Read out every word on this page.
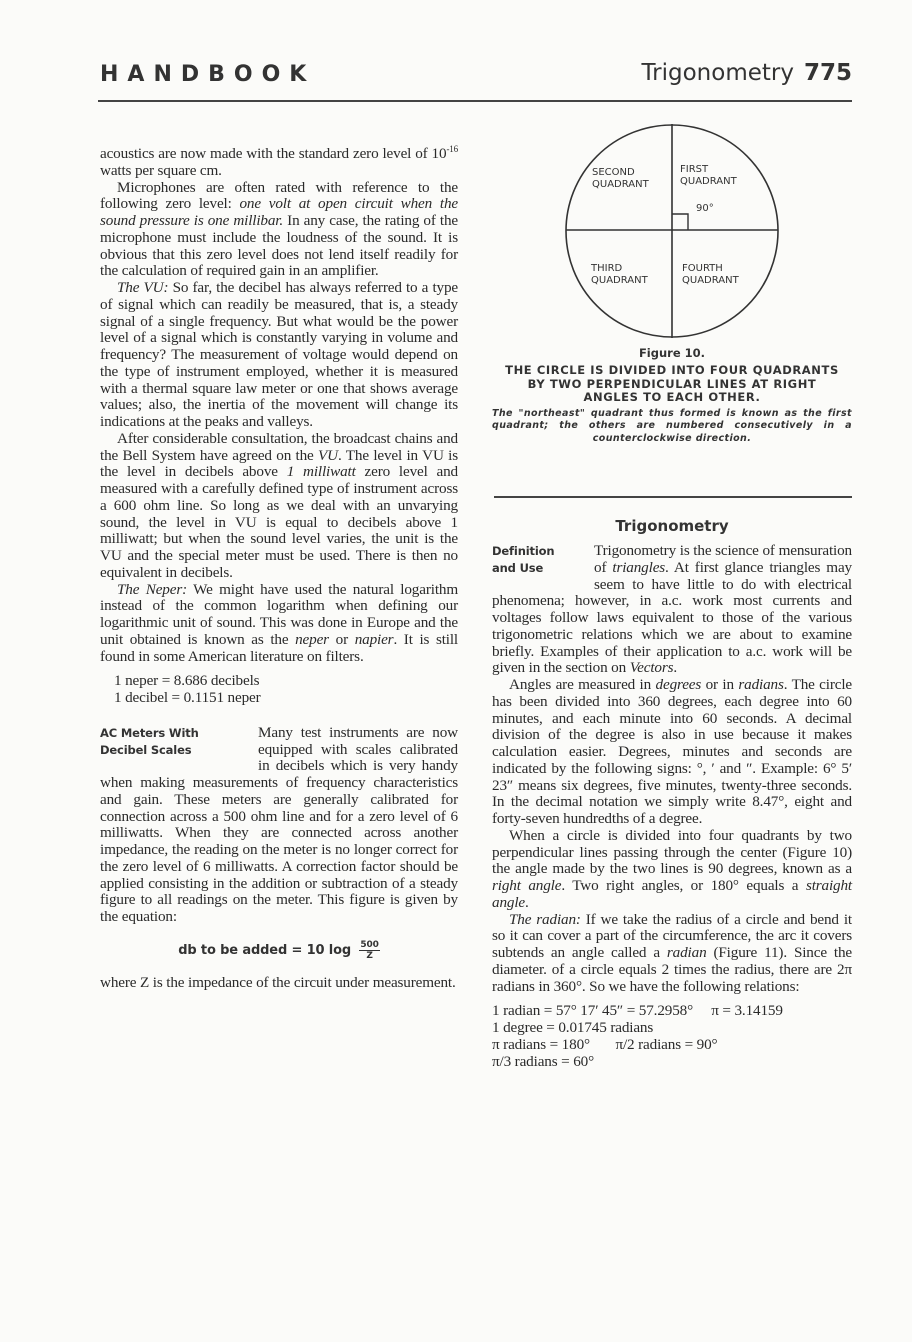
HANDBOOK	Trigonometry 775

acoustics are now made with the standard zero level of $10^{-16}$ watts per square cm.

Microphones are often rated with reference to the following zero level: one volt at open circuit when the sound pressure is one millibar. In any case, the rating of the microphone must include the loudness of the sound. It is obvious that this zero level does not lend itself readily for the calculation of required gain in an amplifier.

The VU: So far, the decibel has always referred to a type of signal which can readily be measured, that is, a steady signal of a single frequency. But what would be the power level of a signal which is constantly varying in volume and frequency? The measurement of voltage would depend on the type of instrument employed, whether it is measured with a thermal square law meter or one that shows average values; also, the inertia of the movement will change its indications at the peaks and valleys.

After considerable consultation, the broadcast chains and the Bell System have agreed on the VU. The level in VU is the level in decibels above 1 milliwatt zero level and measured with a carefully defined type of instrument across a 600 ohm line. So long as we deal with an unvarying sound, the level in VU is equal to decibels above 1 milliwatt; but when the sound level varies, the unit is the VU and the special meter must be used. There is then no equivalent in decibels.

The Neper: We might have used the natural logarithm instead of the common logarithm when defining our logarithmic unit of sound. This was done in Europe and the unit obtained is known as the neper or napier. It is still found in some American literature on filters.

1 neper = 8.686 decibels
1 decibel = 0.1151 neper
AC Meters With
Decibel Scales

Many test instruments are now equipped with scales calibrated in decibels which is very handy when making measurements of frequency characteristics and gain. These meters are generally calibrated for connection across a 500 ohm line and for a zero level of 6 milliwatts. When they are connected across another impedance, the reading on the meter is no longer correct for the zero level of 6 milliwatts. A correction factor should be applied consisting in the addition or subtraction of a steady figure to all readings on the meter. This figure is given by the equation:

db to be added = 10 $\log \frac{500}{Z}$

where Z is the impedance of the circuit under measurement.

SECOND
QUADRANT
FIRST
QUADRANT
90°
THIRD
QUADRANT
FOURTH
QUADRANT
Figure 10.
THE CIRCLE IS DIVIDED INTO FOUR QUADRANTS BY TWO PERPENDICULAR LINES AT RIGHT ANGLES TO EACH OTHER.
The "northeast" quadrant thus formed is known as the first quadrant; the others are numbered consecutively in a counterclockwise direction.
Trigonometry
Definition
and Use

Trigonometry is the science of mensuration of triangles. At first glance triangles may seem to have little to do with electrical phenomena; however, in a.c. work most currents and voltages follow laws equivalent to those of the various trigonometric relations which we are about to examine briefly. Examples of their application to a.c. work will be given in the section on Vectors.

Angles are measured in degrees or in radians. The circle has been divided into 360 degrees, each degree into 60 minutes, and each minute into 60 seconds. A decimal division of the degree is also in use because it makes calculation easier. Degrees, minutes and seconds are indicated by the following signs: °, ′ and ″. Example: 6° 5′ 23″ means six degrees, five minutes, twenty-three seconds. In the decimal notation we simply write 8.47°, eight and forty-seven hundredths of a degree.

When a circle is divided into four quadrants by two perpendicular lines passing through the center (Figure 10) the angle made by the two lines is 90 degrees, known as a right angle. Two right angles, or 180° equals a straight angle.

The radian: If we take the radius of a circle and bend it so it can cover a part of the circumference, the arc it covers subtends an angle called a radian (Figure 11). Since the diameter. of a circle equals 2 times the radius, there are 2π radians in 360°. So we have the following relations:

1 radian = 57° 17′ 45″ = 57.2958°     π = 3.14159
1 degree = 0.01745 radians
π radians = 180°       π/2 radians = 90°
π/3 radians = 60°
